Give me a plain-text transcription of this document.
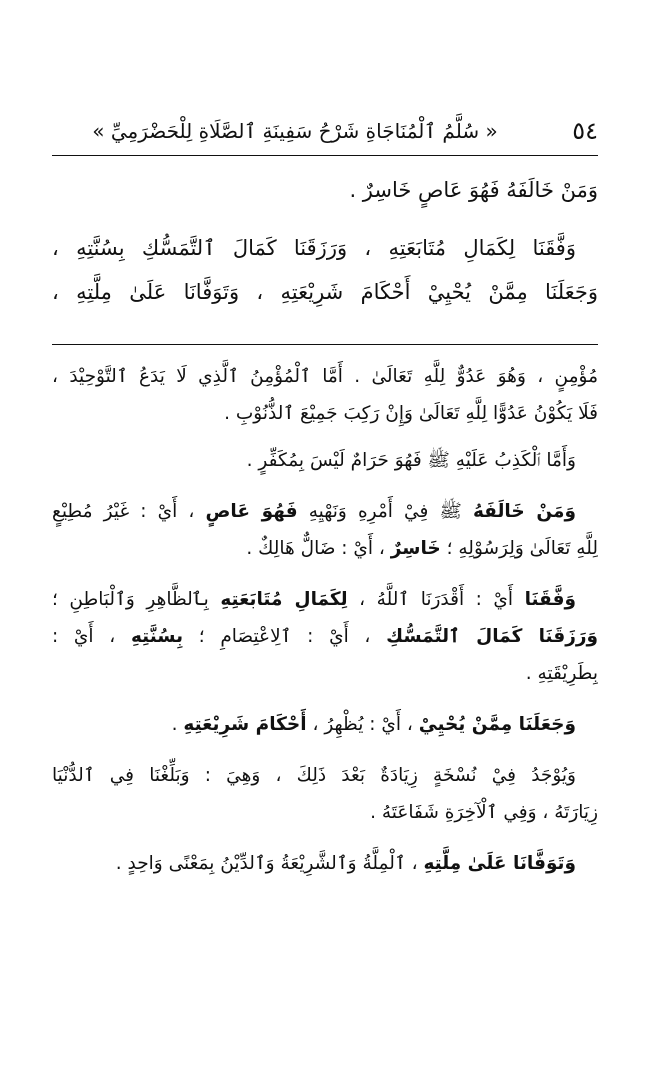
٥٤
« سُلَّمُ ٱلْمُنَاجَاةِ شَرْحُ سَفِينَةِ ٱلصَّلَاةِ لِلْحَضْرَمِيِّ »
وَمَنْ خَالَفَهُ فَهُوَ عَاصٍ خَاسِرٌ .
وَفَّقَنَا لِكَمَالِ مُتَابَعَتِهِ ، وَرَزَقَنَا كَمَالَ ٱلتَّمَسُّكِ بِسُنَّتِهِ ،
وَجَعَلَنَا مِمَّنْ يُحْيِيْ أَحْكَامَ شَرِيْعَتِهِ ، وَتَوَفَّانَا عَلَىٰ مِلَّتِهِ ،
مُؤْمِنٍ ، وَهُوَ عَدُوٌّ لِلَّهِ تَعَالَىٰ . أَمَّا ٱلْمُؤْمِنُ ٱلَّذِي لَا يَدَعُ ٱلتَّوْحِيْدَ ،
فَلَا يَكُوْنُ عَدُوًّا لِلَّهِ تَعَالَىٰ وَإِنْ رَكِبَ جَمِيْعَ ٱلذُّنُوْبِ .
وَأَمَّا ٱلْكَذِبُ عَلَيْهِ ﷺ فَهُوَ حَرَامٌ لَيْسَ بِمُكَفِّرٍ .
وَمَنْ خَالَفَهُ ﷺ فِيْ أَمْرِهِ وَنَهْيِهِ فَهُوَ عَاصٍ ، أَيْ : غَيْرُ مُطِيْعٍ
لِلَّهِ تَعَالَىٰ وَلِرَسُوْلِهِ ؛ خَاسِرٌ ، أَيْ : ضَالٌّ هَالِكٌ .
وَفَّقَنَا أَيْ : أَقْدَرَنَا ٱللَّهُ ، لِكَمَالِ مُتَابَعَتِهِ بِٱلظَّاهِرِ وَٱلْبَاطِنِ ؛
وَرَزَقَنَا كَمَالَ ٱلتَّمَسُّكِ ، أَيْ : ٱلِاعْتِصَامِ ؛ بِسُنَّتِهِ ، أَيْ :
بِطَرِيْقَتِهِ .
وَجَعَلَنَا مِمَّنْ يُحْيِيْ ، أَيْ : يُظْهِرُ ، أَحْكَامَ شَرِيْعَتِهِ .
وَيُوْجَدُ فِيْ نُسْخَةٍ زِيَادَةٌ بَعْدَ ذَلِكَ ، وَهِيَ : وَبَلِّغْنَا فِي ٱلدُّنْيَا
زِيَارَتَهُ ، وَفِي ٱلْآخِرَةِ شَفَاعَتَهُ .
وَتَوَفَّانَا عَلَىٰ مِلَّتِهِ ، ٱلْمِلَّةُ وَٱلشَّرِيْعَةُ وَٱلدِّيْنُ بِمَعْنًى وَاحِدٍ .
